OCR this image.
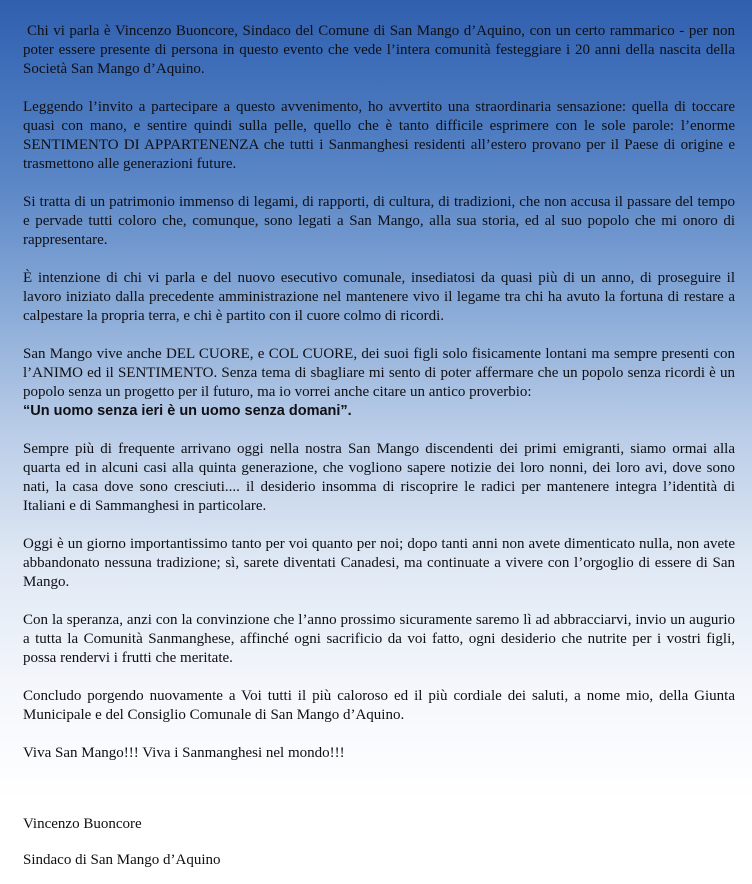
Chi vi parla è Vincenzo Buoncore, Sindaco del Comune di San Mango d’Aquino, con un certo rammarico - per non poter essere presente di persona in questo evento che vede l’intera comunità festeggiare i 20 anni della nascita della Società San Mango d’Aquino.

Leggendo l’invito a partecipare a questo avvenimento, ho avvertito una straordinaria sensazione: quella di toccare quasi con mano, e sentire quindi sulla pelle, quello che è tanto difficile esprimere con le sole parole: l’enorme SENTIMENTO DI APPARTENENZA che tutti i Sanmanghesi residenti all’estero provano per il Paese di origine e trasmettono alle generazioni future.

Si tratta di un patrimonio immenso di legami, di rapporti, di cultura, di tradizioni, che non accusa il passare del tempo e pervade tutti coloro che, comunque, sono legati a San Mango, alla sua storia, ed al suo popolo che mi onoro di rappresentare.

È intenzione di chi vi parla e del nuovo esecutivo comunale, insediatosi da quasi più di un anno, di proseguire il lavoro iniziato dalla precedente amministrazione nel mantenere vivo il legame tra chi ha avuto la fortuna di restare a calpestare la propria terra, e chi è partito con il cuore colmo di ricordi.

San Mango vive anche DEL CUORE, e COL CUORE, dei suoi figli solo fisicamente lontani ma sempre presenti con l’ANIMO ed il SENTIMENTO. Senza tema di sbagliare mi sento di poter affermare che un popolo senza ricordi è un popolo senza un progetto per il futuro, ma io vorrei anche citare un antico proverbio:
“Un uomo senza ieri è un uomo senza domani”.

Sempre più di frequente arrivano oggi nella nostra San Mango discendenti dei primi emigranti, siamo ormai alla quarta ed in alcuni casi alla quinta generazione, che vogliono sapere notizie dei loro nonni, dei loro avi, dove sono nati, la casa dove sono cresciuti.... il desiderio insomma di riscoprire le radici per mantenere integra l’identità di Italiani e di Sammanghesi in particolare.

Oggi è un giorno importantissimo tanto per voi quanto per noi; dopo tanti anni non avete dimenticato nulla, non avete abbandonato nessuna tradizione; sì, sarete diventati Canadesi, ma continuate a vivere con l’orgoglio di essere di San Mango.

Con la speranza, anzi con la convinzione che l’anno prossimo sicuramente saremo lì ad abbracciarvi, invio un augurio a tutta la Comunità Sanmanghese, affinché ogni sacrificio da voi fatto, ogni desiderio che nutrite per i vostri figli, possa rendervi i frutti che meritate.

Concludo porgendo nuovamente a Voi tutti il più caloroso ed il più cordiale dei saluti, a nome mio, della Giunta Municipale e del Consiglio Comunale di San Mango d’Aquino.

Viva San Mango!!! Viva i Sanmanghesi nel mondo!!!

Vincenzo Buoncore
Sindaco di San Mango d’Aquino
